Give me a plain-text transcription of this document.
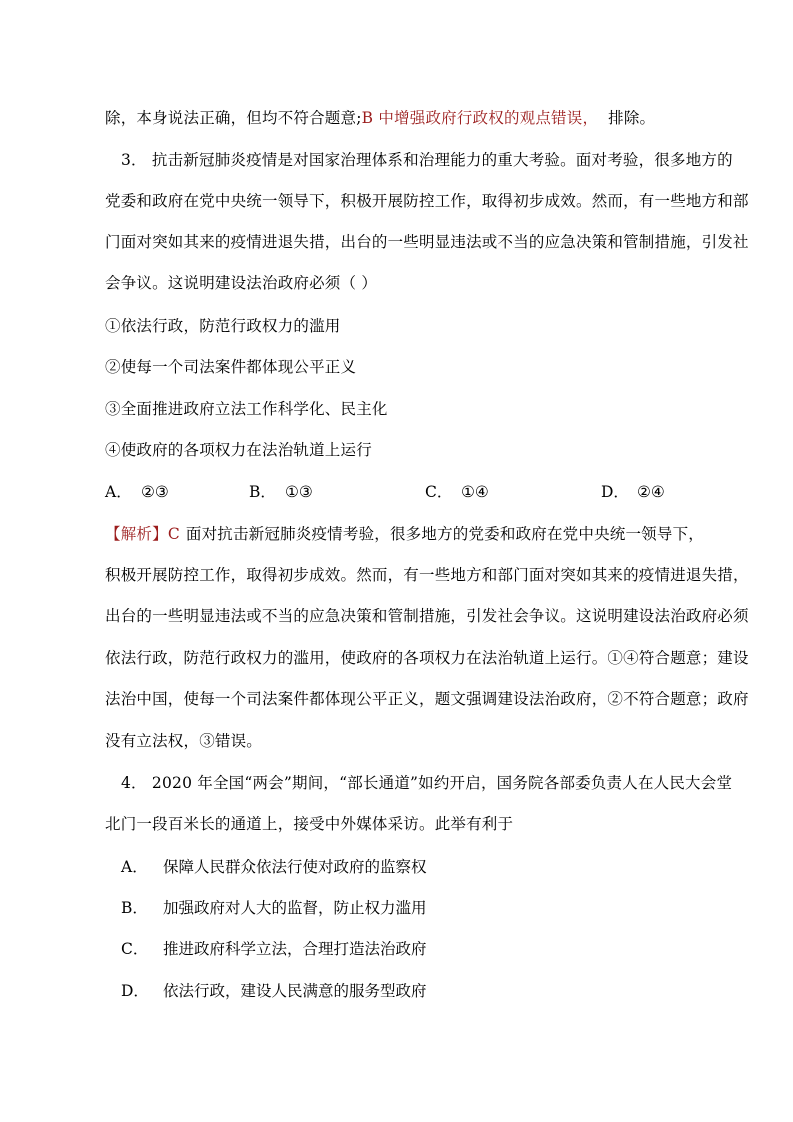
除，本身说法正确，但均不符合题意;B 中增强政府行政权的观点错误， 排除。
3． 抗击新冠肺炎疫情是对国家治理体系和治理能力的重大考验。面对考验，很多地方的
党委和政府在党中央统一领导下，积极开展防控工作，取得初步成效。然而，有一些地方和部
门面对突如其来的疫情进退失措，出台的一些明显违法或不当的应急决策和管制措施，引发社
会争议。这说明建设法治政府必须（ ）
①依法行政，防范行政权力的滥用
②使每一个司法案件都体现公平正义
③全面推进政府立法工作科学化、民主化
④使政府的各项权力在法治轨道上运行
A． ②③	B． ①③	C． ①④	D． ②④
【解析】C 面对抗击新冠肺炎疫情考验，很多地方的党委和政府在党中央统一领导下，
积极开展防控工作，取得初步成效。然而，有一些地方和部门面对突如其来的疫情进退失措，
出台的一些明显违法或不当的应急决策和管制措施，引发社会争议。这说明建设法治政府必须
依法行政，防范行政权力的滥用，使政府的各项权力在法治轨道上运行。①④符合题意；建设
法治中国，使每一个司法案件都体现公平正义，题文强调建设法治政府，②不符合题意；政府
没有立法权，③错误。
4． 2020 年全国“两会”期间，“部长通道”如约开启，国务院各部委负责人在人民大会堂
北门一段百米长的通道上，接受中外媒体采访。此举有利于
A． 保障人民群众依法行使对政府的监察权
B． 加强政府对人大的监督，防止权力滥用
C． 推进政府科学立法，合理打造法治政府
D． 依法行政，建设人民满意的服务型政府
